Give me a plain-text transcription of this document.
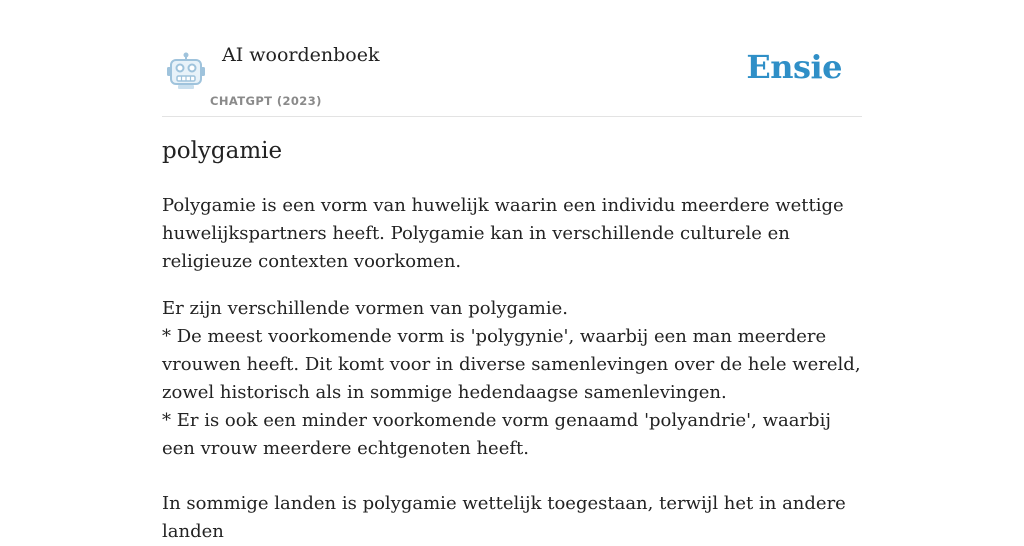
AI woordenboek
CHATGPT (2023)
Ensie
polygamie

Polygamie is een vorm van huwelijk waarin een individu meerdere wettige huwelijkspartners heeft. Polygamie kan in verschillende culturele en religieuze contexten voorkomen.

Er zijn verschillende vormen van polygamie.

* De meest voorkomende vorm is 'polygynie', waarbij een man meerdere vrouwen heeft. Dit komt voor in diverse samenlevingen over de hele wereld, zowel historisch als in sommige hedendaagse samenlevingen.

* Er is ook een minder voorkomende vorm genaamd 'polyandrie', waarbij een vrouw meerdere echtgenoten heeft.

In sommige landen is polygamie wettelijk toegestaan, terwijl het in andere landen
